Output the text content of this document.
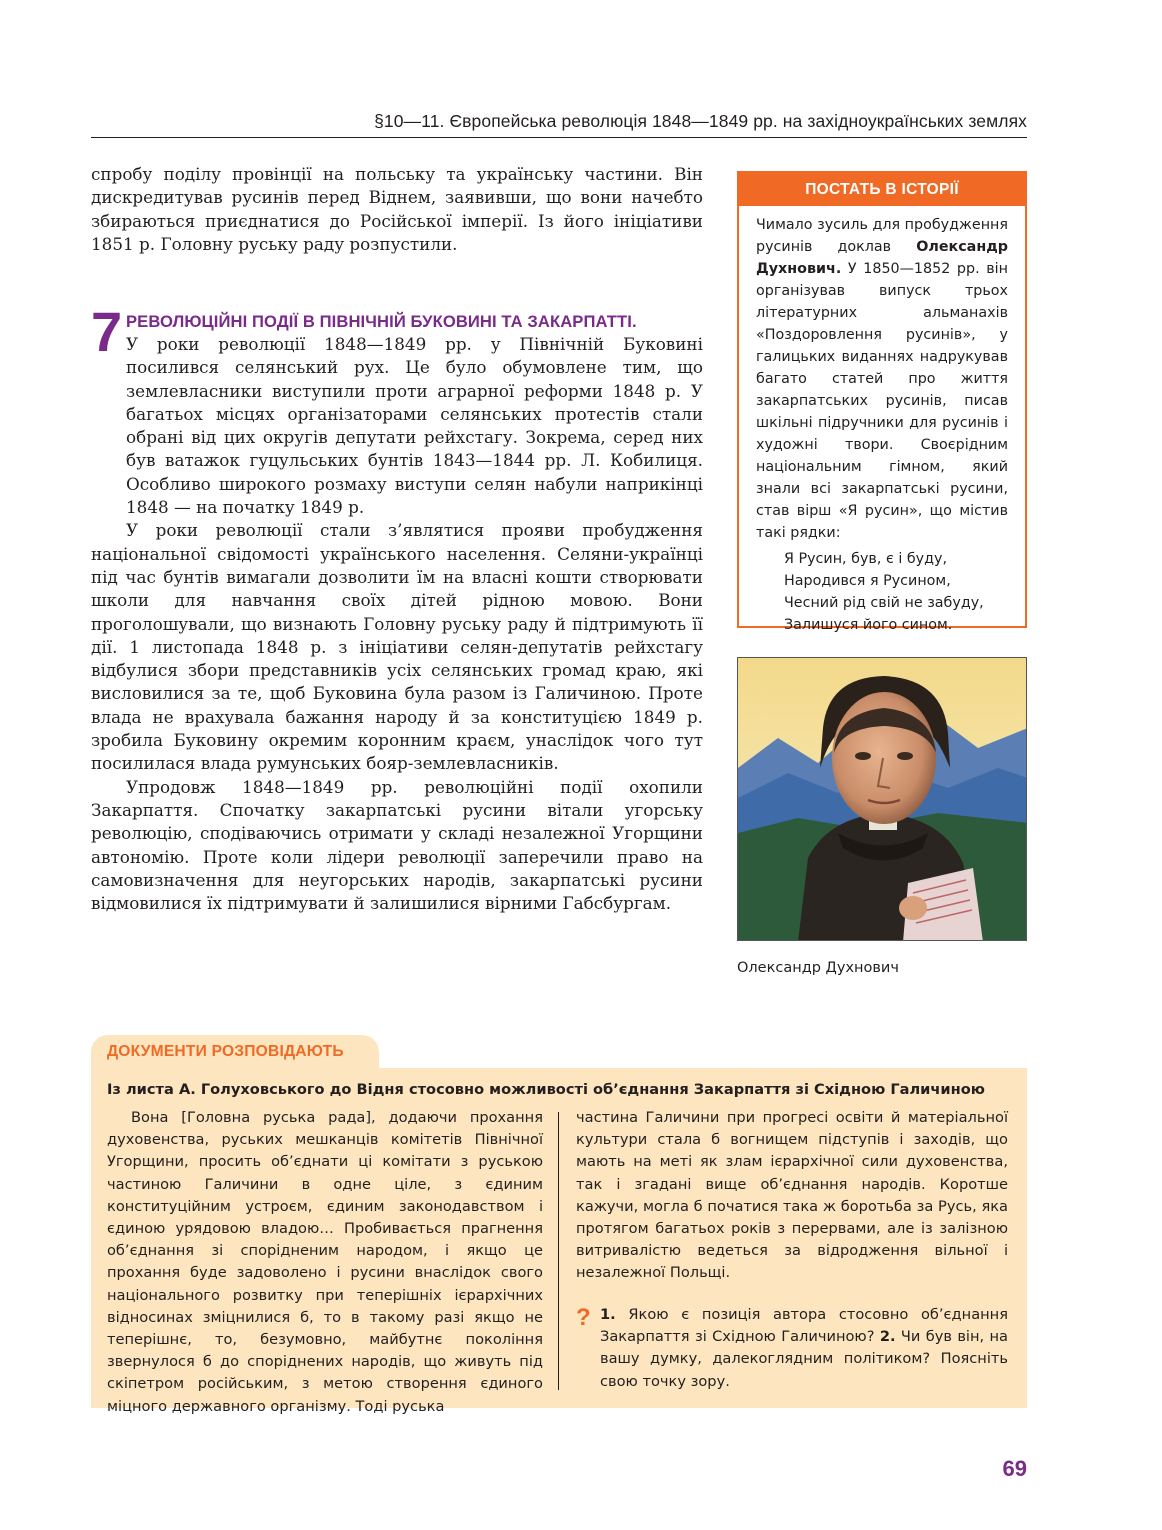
§10—11. Європейська революція 1848—1849 рр. на західноукраїнських землях

спробу поділу провінції на польську та українську частини. Він дискредитував русинів перед Віднем, заявивши, що вони начебто збираються приєднатися до Російської імперії. Із його ініціативи 1851 р. Головну руську раду розпустили.

7 РЕВОЛЮЦІЙНІ ПОДІЇ В ПІВНІЧНІЙ БУКОВИНІ ТА ЗАКАРПАТТІ.

У роки революції 1848—1849 рр. у Північній Буковині посилився селянський рух. Це було обумовлене тим, що землевласники виступили проти аграрної реформи 1848 р. У багатьох місцях організаторами селянських протестів стали обрані від цих округів депутати рейхстагу. Зокрема, серед них був ватажок гуцульських бунтів 1843—1844 рр. Л. Кобилиця. Особливо широкого розмаху виступи селян набули наприкінці 1848 — на початку 1849 р.

У роки революції стали з’являтися прояви пробудження національної свідомості українського населення. Селяни-українці під час бунтів вимагали дозволити їм на власні кошти створювати школи для навчання своїх дітей рідною мовою. Вони проголошували, що визнають Головну руську раду й підтримують її дії. 1 листопада 1848 р. з ініціативи селян-депутатів рейхстагу відбулися збори представників усіх селянських громад краю, які висловилися за те, щоб Буковина була разом із Галичиною. Проте влада не врахувала бажання народу й за конституцією 1849 р. зробила Буковину окремим коронним краєм, унаслідок чого тут посилилася влада румунських бояр-землевласників.

Упродовж 1848—1849 рр. революційні події охопили Закарпаття. Спочатку закарпатські русини вітали угорську революцію, сподіваючись отримати у складі незалежної Угорщини автономію. Проте коли лідери революції заперечили право на самовизначення для неугорських народів, закарпатські русини відмовилися їх підтримувати й залишилися вірними Габсбургам.

ПОСТАТЬ В ІСТОРІЇ
Чимало зусиль для пробудження русинів доклав Олександр Духнович. У 1850—1852 рр. він організував випуск трьох літературних альманахів «Поздоровлення русинів», у галицьких виданнях надрукував багато статей про життя закарпатських русинів, писав шкільні підручники для русинів і художні твори. Своєрідним національним гімном, який знали всі закарпатські русини, став вірш «Я русин», що містив такі рядки:
Я Русин, був, є і буду,
Народився я Русином,
Чесний рід свій не забуду,
Залишуся його сином.
Олександр Духнович
ДОКУМЕНТИ РОЗПОВІДАЮТЬ
Із листа А. Голуховського до Відня стосовно можливості об’єднання Закарпаття зі Східною Галичиною

Вона [Головна руська рада], додаючи прохання духовенства, руських мешканців комітетів Північної Угорщини, просить об’єднати ці комітати з руською частиною Галичини в одне ціле, з єдиним конституційним устроєм, єдиним законодавством і єдиною урядовою владою… Пробивається прагнення об’єднання зі спорідненим народом, і якщо це прохання буде задоволено і русини внаслідок свого національного розвитку при теперішніх ієрархічних відносинах зміцнилися б, то в такому разі якщо не теперішнє, то, безумовно, майбутнє покоління звернулося б до споріднених народів, що живуть під скіпетром російським, з метою створення єдиного міцного державного організму. Тоді руська

частина Галичини при прогресі освіти й матеріальної культури стала б вогнищем підступів і заходів, що мають на меті як злам ієрархічної сили духовенства, так і згадані вище об’єднання народів. Коротше кажучи, могла б початися така ж боротьба за Русь, яка протягом багатьох років з перервами, але із залізною витривалістю ведеться за відродження вільної і незалежної Польщі.

? 1. Якою є позиція автора стосовно об’єднання Закарпаття зі Східною Галичиною? 2. Чи був він, на вашу думку, далекоглядним політиком? Поясніть свою точку зору.

69
